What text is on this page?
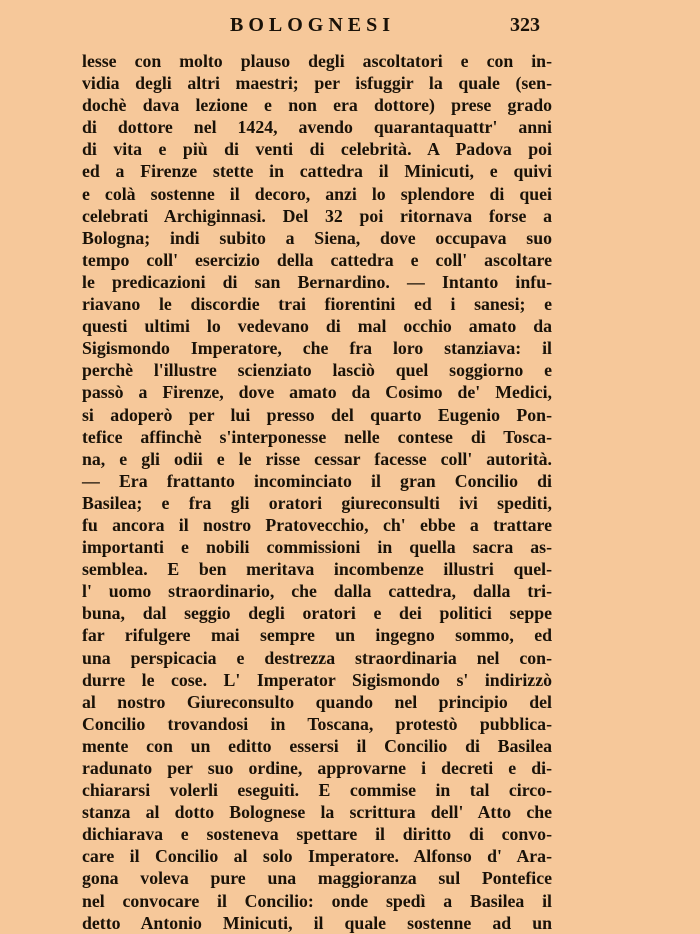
BOLOGNESI	323
lesse con molto plauso degli ascoltatori e con in-
vidia degli altri maestri; per isfuggir la quale (sen-
dochè dava lezione e non era dottore) prese grado
di dottore nel 1424, avendo quarantaquattr' anni
di vita e più di venti di celebrità. A Padova poi
ed a Firenze stette in cattedra il Minicuti, e quivi
e colà sostenne il decoro, anzi lo splendore di quei
celebrati Archiginnasi. Del 32 poi ritornava forse a
Bologna; indi subito a Siena, dove occupava suo
tempo coll' esercizio della cattedra e coll' ascoltare
le predicazioni di san Bernardino. — Intanto infu-
riavano le discordie trai fiorentini ed i sanesi; e
questi ultimi lo vedevano di mal occhio amato da
Sigismondo Imperatore, che fra loro stanziava: il
perchè l'illustre scienziato lasciò quel soggiorno e
passò a Firenze, dove amato da Cosimo de' Medici,
si adoperò per lui presso del quarto Eugenio Pon-
tefice affinchè s'interponesse nelle contese di Tosca-
na, e gli odii e le risse cessar facesse coll' autorità.
— Era frattanto incominciato il gran Concilio di
Basilea; e fra gli oratori giureconsulti ivi spediti,
fu ancora il nostro Pratovecchio, ch' ebbe a trattare
importanti e nobili commissioni in quella sacra as-
semblea. E ben meritava incombenze illustri quel-
l' uomo straordinario, che dalla cattedra, dalla tri-
buna, dal seggio degli oratori e dei politici seppe
far rifulgere mai sempre un ingegno sommo, ed
una perspicacia e destrezza straordinaria nel con-
durre le cose. L' Imperator Sigismondo s' indirizzò
al nostro Giureconsulto quando nel principio del
Concilio trovandosi in Toscana, protestò pubblica-
mente con un editto essersi il Concilio di Basilea
radunato per suo ordine, approvarne i decreti e di-
chiararsi volerli eseguiti. E commise in tal circo-
stanza al dotto Bolognese la scrittura dell' Atto che
dichiarava e sosteneva spettare il diritto di convo-
care il Concilio al solo Imperatore. Alfonso d' Ara-
gona voleva pure una maggioranza sul Pontefice
nel convocare il Concilio: onde spedì a Basilea il
detto Antonio Minicuti, il quale sostenne ad un
